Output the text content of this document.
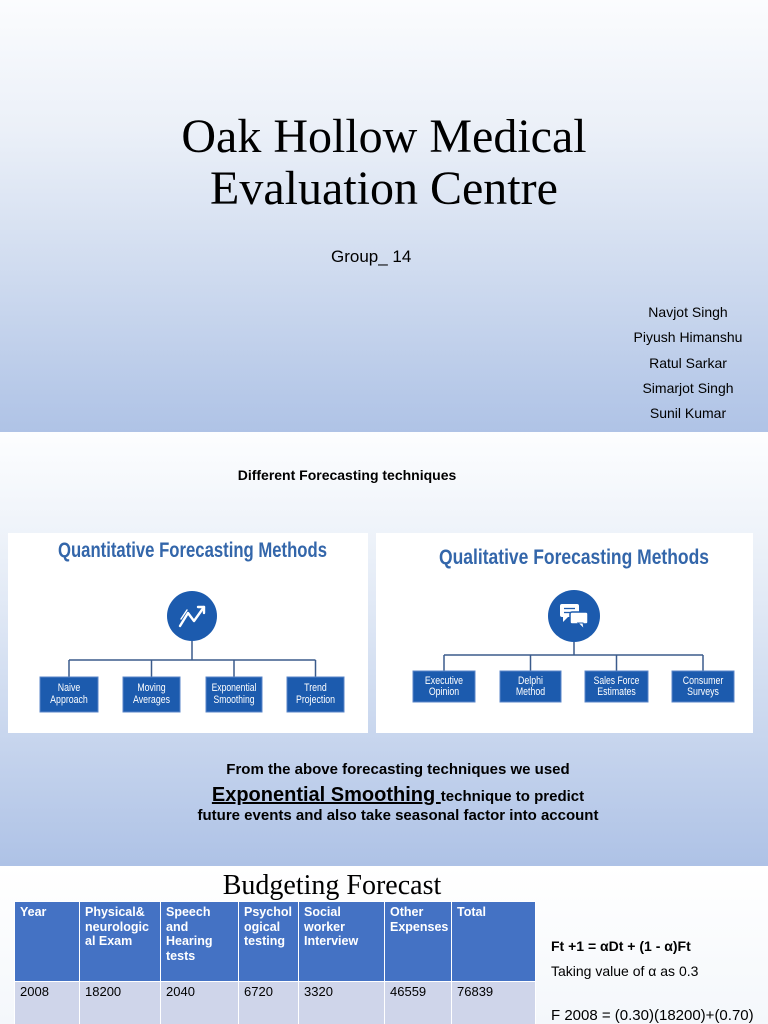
Oak Hollow Medical
Evaluation Centre
Group_ 14
Navjot Singh
Piyush Himanshu
Ratul Sarkar
Simarjot Singh
Sunil Kumar
Different Forecasting techniques
Quantitative Forecasting Methods
Naive
Approach
Moving
Averages
Exponential
Smoothing
Trend
Projection
Qualitative Forecasting Methods
Executive
Opinion
Delphi
Method
Sales Force
Estimates
Consumer
Surveys
From the above forecasting techniques we used
Exponential Smoothing technique to predict
future events and also take seasonal factor into account
Budgeting Forecast
Year	Physical&
neurologic
al Exam	Speech
and
Hearing
tests	Psychol
ogical
testing	Social
worker
Interview	Other
Expenses	Total

2008	18200	2040	6720	3320	46559	76839
Ft +1 = αDt + (1 - α)Ft
Taking value of α as 0.3
F 2008 = (0.30)(18200)+(0.70)
